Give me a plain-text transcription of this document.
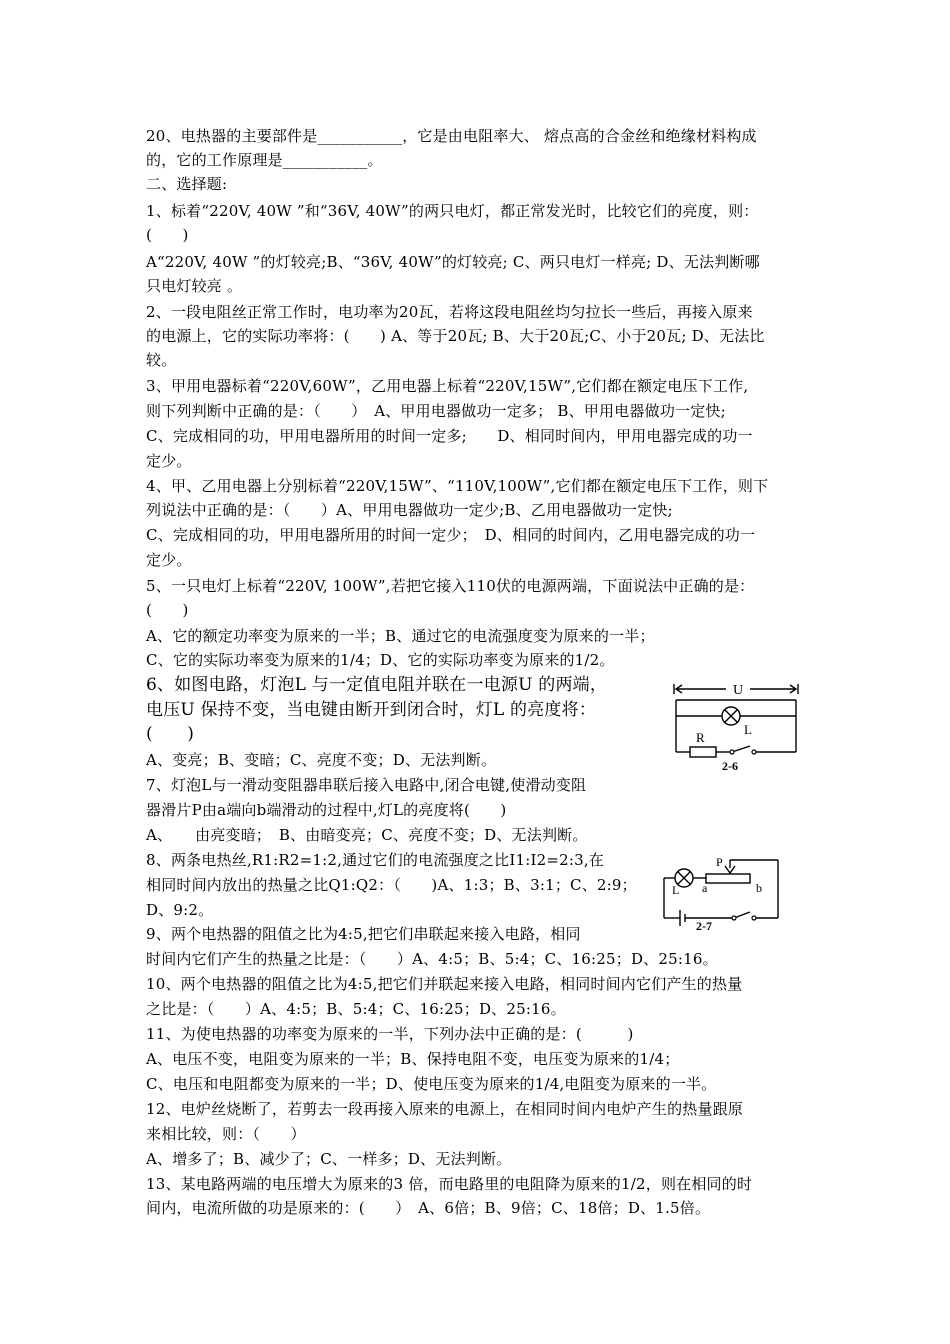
20、电热器的主要部件是___________，它是由电阻率大、 熔点高的合金丝和绝缘材料构成
的，它的工作原理是___________。
二、选择题:
1、标着“220V, 40W ”和“36V, 40W”的两只电灯，都正常发光时，比较它们的亮度，则：
(　　)
A“220V, 40W ”的灯较亮;B、“36V, 40W”的灯较亮; C、两只电灯一样亮; D、无法判断哪
只电灯较亮 。
2、一段电阻丝正常工作时，电功率为20瓦，若将这段电阻丝均匀拉长一些后，再接入原来
的电源上，它的实际功率将：(　　) A、等于20瓦; B、大于20瓦;C、小于20瓦; D、无法比
较。
3、甲用电器标着“220V,60W”，乙用电器上标着“220V,15W”,它们都在额定电压下工作,
则下列判断中正确的是：（　　）　A、甲用电器做功一定多； B、甲用电器做功一定快;
C、完成相同的功，甲用电器所用的时间一定多;　　D、相同时间内，甲用电器完成的功一
定少。
4、甲、乙用电器上分别标着“220V,15W”、“110V,100W”,它们都在额定电压下工作，则下
列说法中正确的是：（　　）A、甲用电器做功一定少;B、乙用电器做功一定快;
C、完成相同的功，甲用电器所用的时间一定少；　D、相同的时间内，乙用电器完成的功一
定少。
5、一只电灯上标着“220V, 100W”,若把它接入110伏的电源两端，下面说法中正确的是：
(　　)
A、它的额定功率变为原来的一半；B、通过它的电流强度变为原来的一半；
C、它的实际功率变为原来的1/4；D、它的实际功率变为原来的1/2。
6、如图电路，灯泡L 与一定值电阻并联在一电源U 的两端，
电压U 保持不变，当电键由断开到闭合时，灯L 的亮度将：
(　　)
A、变亮；B、变暗；C、亮度不变；D、无法判断。
7、灯泡L与一滑动变阻器串联后接入电路中,闭合电键,使滑动变阻
器滑片P由a端向b端滑动的过程中,灯L的亮度将(　　)
A、　　由亮变暗；　B、由暗变亮；C、亮度不变；D、无法判断。
8、两条电热丝,R1:R2=1:2,通过它们的电流强度之比I1:I2=2:3,在
相同时间内放出的热量之比Q1:Q2：（　　)A、1:3；B、3:1；C、2:9；
D、9:2。
9、两个电热器的阻值之比为4:5,把它们串联起来接入电路，相同
时间内它们产生的热量之比是：（　　）A、4:5；B、5:4；C、16:25；D、25:16。
10、两个电热器的阻值之比为4:5,把它们并联起来接入电路，相同时间内它们产生的热量
之比是：（　　）A、4:5；B、5:4；C、16:25；D、25:16。
11、为使电热器的功率变为原来的一半，下列办法中正确的是：(　　　)
A、电压不变，电阻变为原来的一半；B、保持电阻不变，电压变为原来的1/4；
C、电压和电阻都变为原来的一半；D、使电压变为原来的1/4,电阻变为原来的一半。
12、电炉丝烧断了，若剪去一段再接入原来的电源上，在相同时间内电炉产生的热量跟原
来相比较，则：（　　）
A、增多了；B、减少了；C、一样多；D、无法判断。
13、某电路两端的电压增大为原来的3 倍，而电路里的电阻降为原来的1/2，则在相同的时
间内，电流所做的功是原来的：(　　）　A、6倍；B、9倍；C、18倍；D、1.5倍。
U
L
R
2-6
P
L a	b
2-7
